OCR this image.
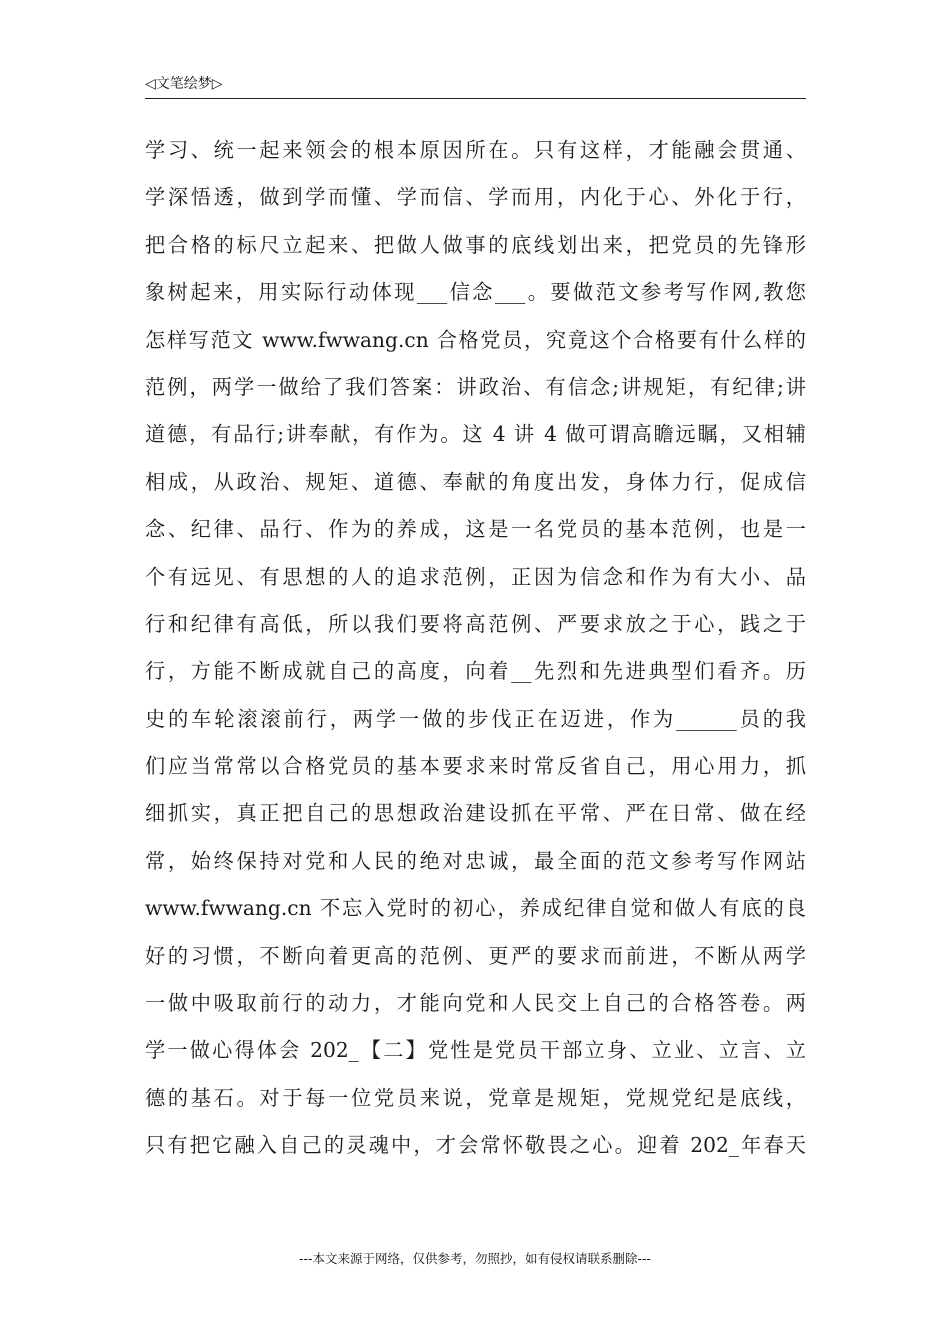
◁文笔绘梦▷
学习、统一起来领会的根本原因所在。只有这样，才能融会贯通、
学深悟透，做到学而懂、学而信、学而用，内化于心、外化于行，
把合格的标尺立起来、把做人做事的底线划出来，把党员的先锋形
象树起来，用实际行动体现___信念___。要做范文参考写作网,教您
怎样写范文 www.fwwang.cn 合格党员，究竟这个合格要有什么样的
范例，两学一做给了我们答案：讲政治、有信念;讲规矩，有纪律;讲
道德，有品行;讲奉献，有作为。这 4 讲 4 做可谓高瞻远瞩，又相辅
相成，从政治、规矩、道德、奉献的角度出发，身体力行，促成信
念、纪律、品行、作为的养成，这是一名党员的基本范例，也是一
个有远见、有思想的人的追求范例，正因为信念和作为有大小、品
行和纪律有高低，所以我们要将高范例、严要求放之于心，践之于
行，方能不断成就自己的高度，向着__先烈和先进典型们看齐。历
史的车轮滚滚前行，两学一做的步伐正在迈进，作为______员的我
们应当常常以合格党员的基本要求来时常反省自己，用心用力，抓
细抓实，真正把自己的思想政治建设抓在平常、严在日常、做在经
常，始终保持对党和人民的绝对忠诚，最全面的范文参考写作网站
www.fwwang.cn 不忘入党时的初心，养成纪律自觉和做人有底的良
好的习惯，不断向着更高的范例、更严的要求而前进，不断从两学
一做中吸取前行的动力，才能向党和人民交上自己的合格答卷。两
学一做心得体会 202_【二】党性是党员干部立身、立业、立言、立
德的基石。对于每一位党员来说，党章是规矩，党规党纪是底线，
只有把它融入自己的灵魂中，才会常怀敬畏之心。迎着 202_年春天
---本文来源于网络，仅供参考，勿照抄，如有侵权请联系删除---
